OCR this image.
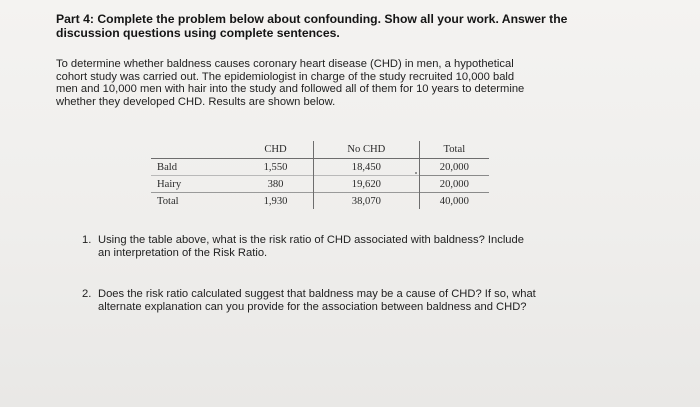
Part 4: Complete the problem below about confounding. Show all your work. Answer the
discussion questions using complete sentences.
To determine whether baldness causes coronary heart disease (CHD) in men, a hypothetical
cohort study was carried out. The epidemiologist in charge of the study recruited 10,000 bald
men and 10,000 men with hair into the study and followed all of them for 10 years to determine
whether they developed CHD. Results are shown below.
	CHD	No CHD	Total
Bald	1,550	18,450	20,000
Hairy	380	19,620	20,000
Total	1,930	38,070	40,000
1. Using the table above, what is the risk ratio of CHD associated with baldness? Include
an interpretation of the Risk Ratio.
2. Does the risk ratio calculated suggest that baldness may be a cause of CHD? If so, what
alternate explanation can you provide for the association between baldness and CHD?
